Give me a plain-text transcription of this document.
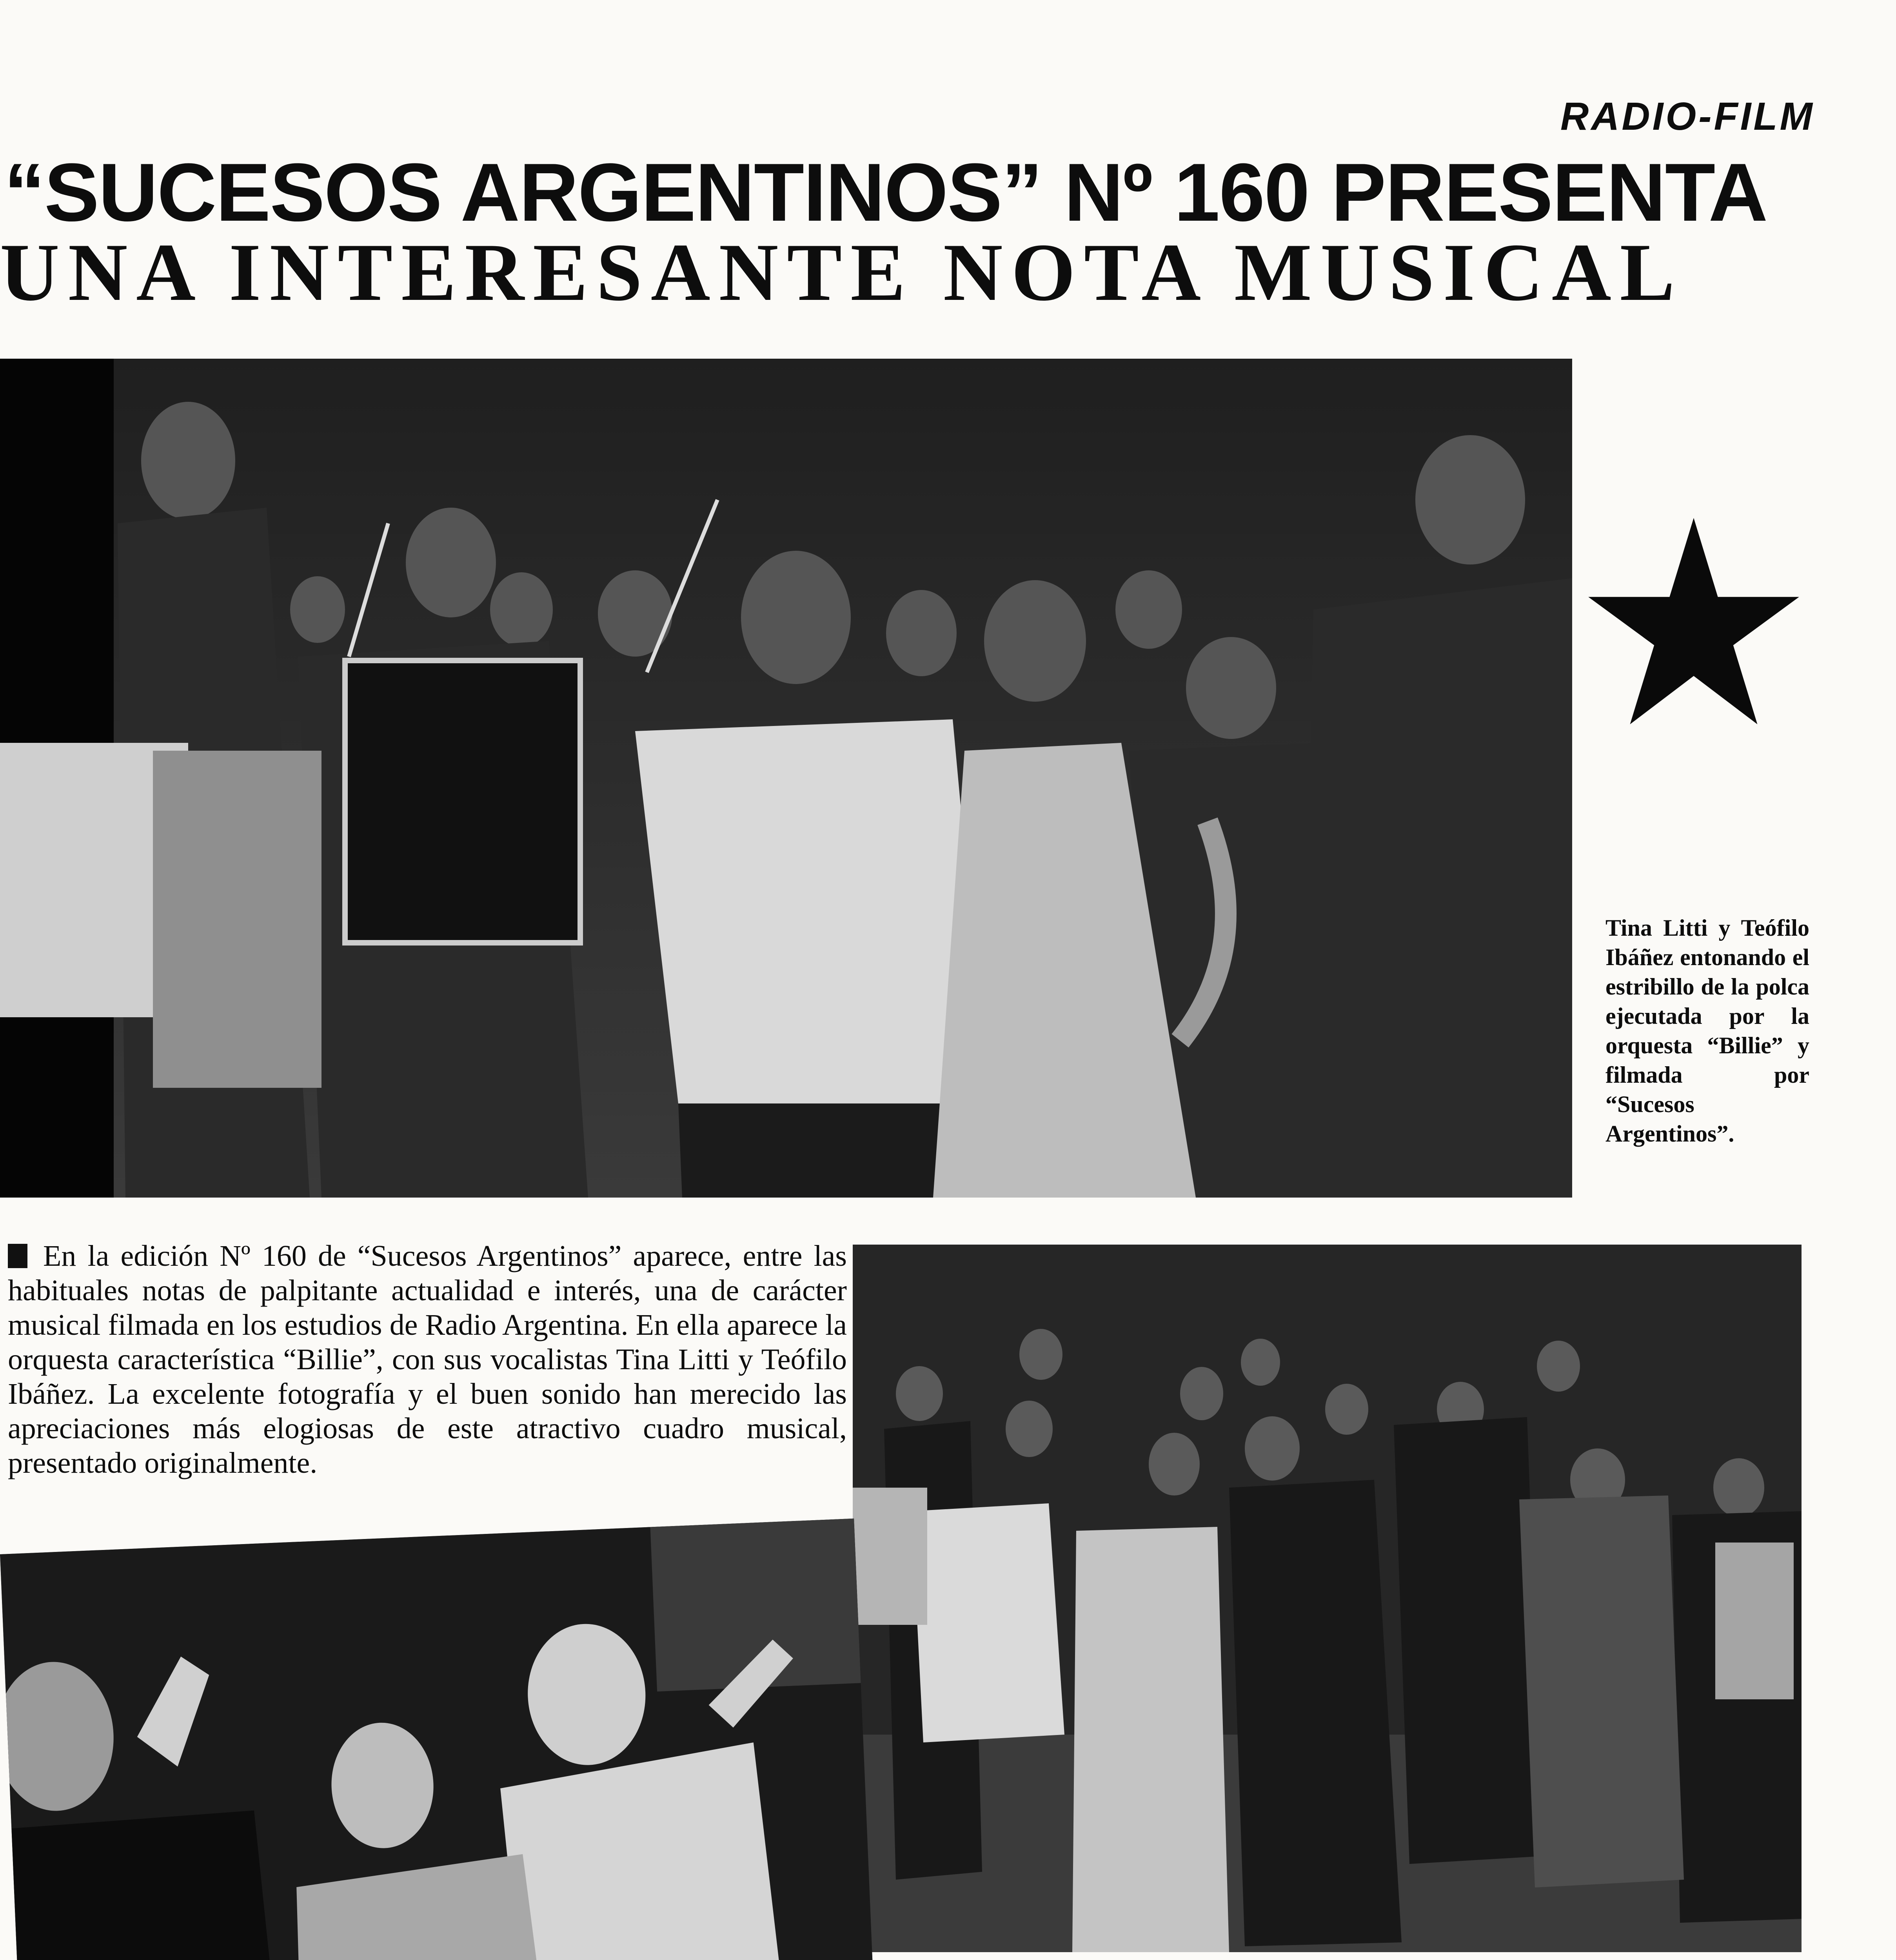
RADIO-FILM
“SUCESOS ARGENTINOS” Nº 160 PRESENTA
UNA INTERESANTE NOTA MUSICAL
Tina Litti y Teófilo Ibáñez entonando el estribillo de la polca ejecutada por la orquesta “Billie” y filmada por “Sucesos Argentinos”.
En la edición Nº 160 de “Sucesos Argentinos” aparece, entre las habituales notas de palpitante actualidad e interés, una de carácter musical filmada en los estudios de Radio Argentina. En ella aparece la orquesta característica “Billie”, con sus vocalistas Tina Litti y Teófilo Ibáñez. La excelente fotografía y el buen sonido han merecido las apreciaciones más elogiosas de este atractivo cuadro musical, presentado originalmente.
